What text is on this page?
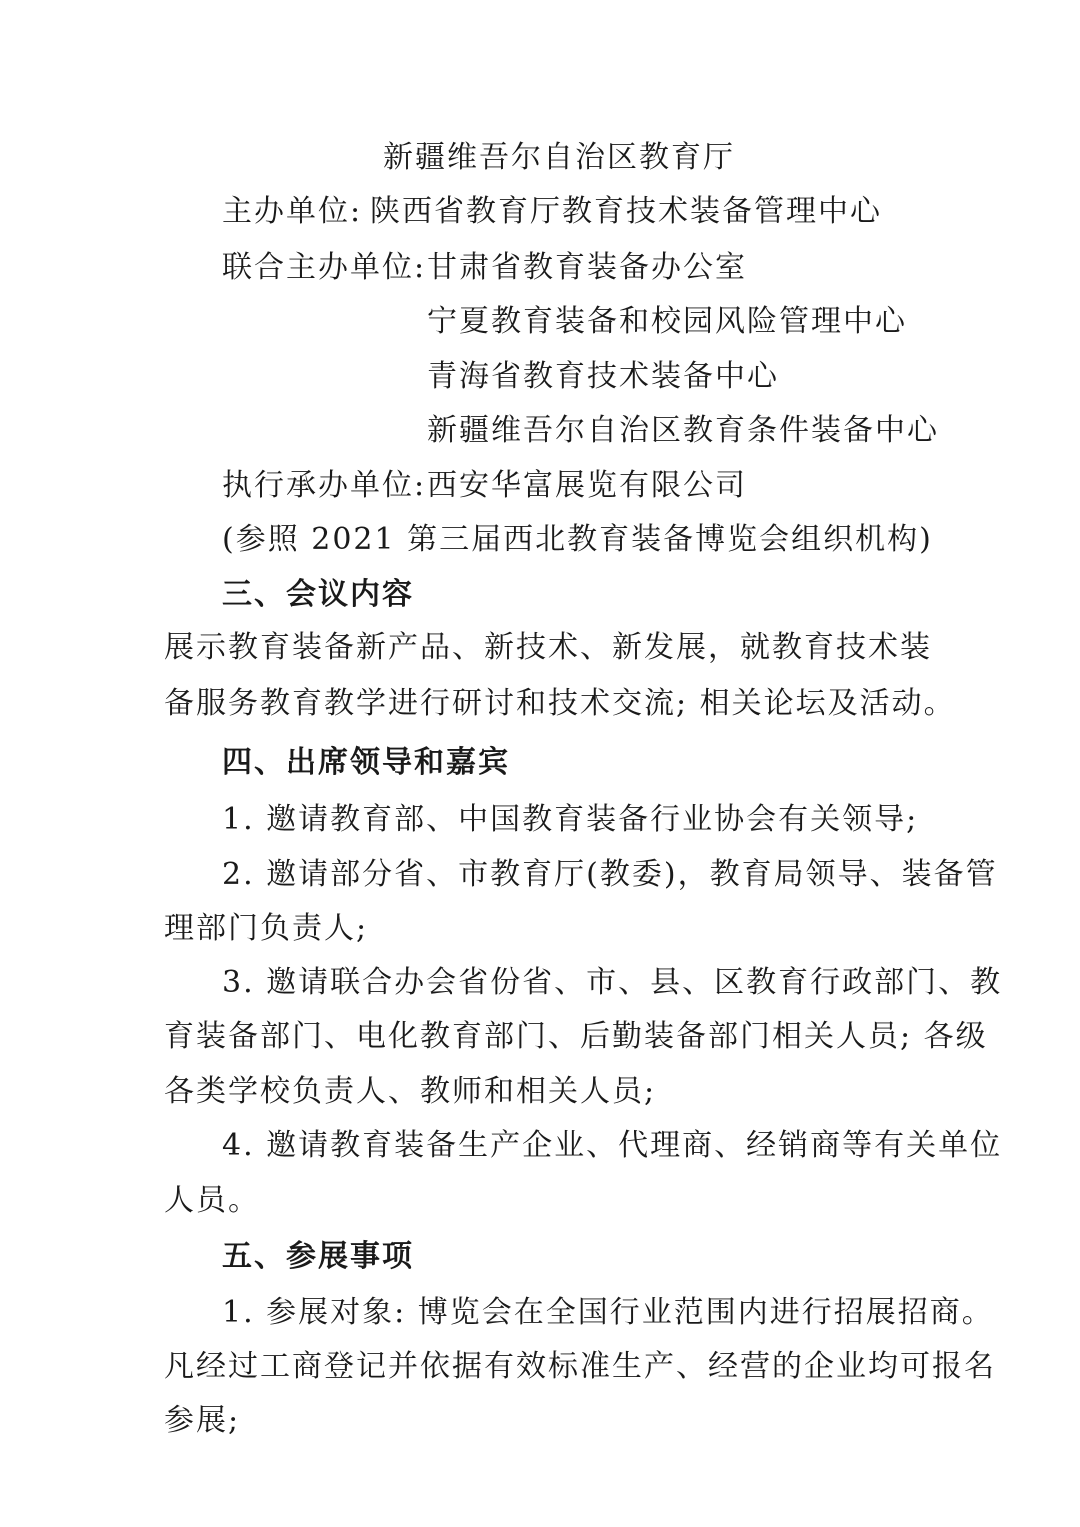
新疆维吾尔自治区教育厅
主办单位: 陕西省教育厅教育技术装备管理中心
联合主办单位: 甘肃省教育装备办公室
宁夏教育装备和校园风险管理中心
青海省教育技术装备中心
新疆维吾尔自治区教育条件装备中心
执行承办单位: 西安华富展览有限公司
(参照 2021 第三届西北教育装备博览会组织机构)
三、会议内容
展示教育装备新产品、新技术、新发展，就教育技术装
备服务教育教学进行研讨和技术交流; 相关论坛及活动。
四、出席领导和嘉宾
1. 邀请教育部、中国教育装备行业协会有关领导;
2. 邀请部分省、市教育厅(教委)，教育局领导、装备管
理部门负责人;
3. 邀请联合办会省份省、市、县、区教育行政部门、教
育装备部门、电化教育部门、后勤装备部门相关人员; 各级
各类学校负责人、教师和相关人员;
4. 邀请教育装备生产企业、代理商、经销商等有关单位
人员。
五、参展事项
1. 参展对象: 博览会在全国行业范围内进行招展招商。
凡经过工商登记并依据有效标准生产、经营的企业均可报名
参展;
